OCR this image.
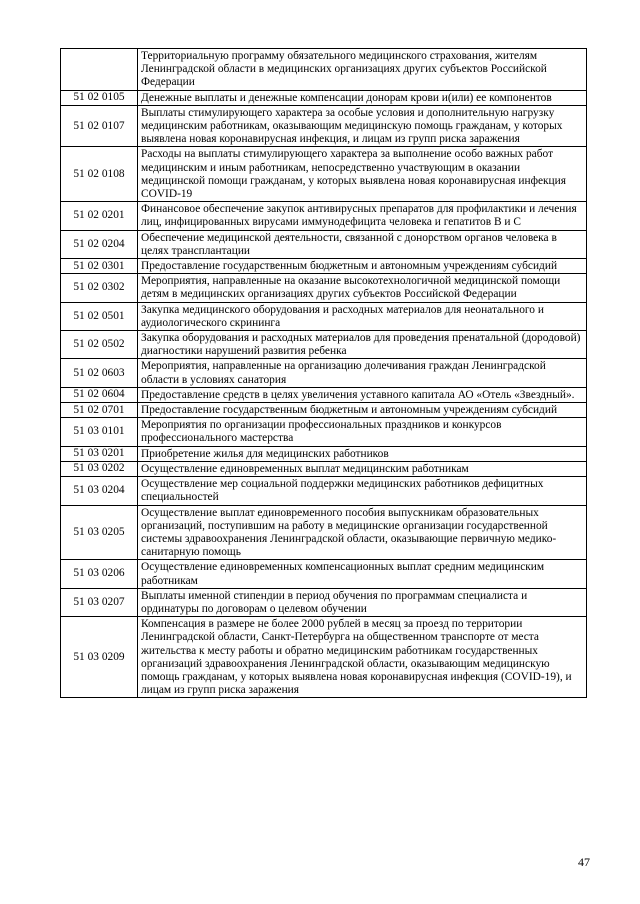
	Территориальную программу обязательного медицинского страхования, жителям Ленинградской области в медицинских организациях других субъектов Российской Федерации
51 02 0105	Денежные выплаты и денежные компенсации донорам крови и(или) ее компонентов
51 02 0107	Выплаты стимулирующего характера за особые условия и дополнительную нагрузку медицинским работникам, оказывающим медицинскую помощь гражданам, у которых выявлена новая коронавирусная инфекция, и лицам из групп риска заражения
51 02 0108	Расходы на выплаты стимулирующего характера за выполнение особо важных работ медицинским и иным работникам, непосредственно участвующим в оказании медицинской помощи гражданам, у которых выявлена новая коронавирусная инфекция COVID-19
51 02 0201	Финансовое обеспечение закупок антивирусных препаратов для профилактики и лечения лиц, инфицированных вирусами иммунодефицита человека и гепатитов В и С
51 02 0204	Обеспечение медицинской деятельности, связанной с донорством органов человека в целях трансплантации
51 02 0301	Предоставление государственным бюджетным и автономным учреждениям субсидий
51 02 0302	Мероприятия, направленные на оказание высокотехнологичной медицинской помощи детям в медицинских организациях других субъектов Российской Федерации
51 02 0501	Закупка медицинского оборудования и расходных материалов для неонатального и аудиологического скрининга
51 02 0502	Закупка оборудования и расходных материалов для проведения пренатальной (дородовой) диагностики нарушений развития ребенка
51 02 0603	Мероприятия, направленные на организацию долечивания граждан Ленинградской области в условиях санатория
51 02 0604	Предоставление средств в целях увеличения уставного капитала АО «Отель «Звездный».
51 02 0701	Предоставление государственным бюджетным и автономным учреждениям субсидий
51 03 0101	Мероприятия по организации профессиональных праздников и конкурсов профессионального мастерства
51 03 0201	Приобретение жилья для медицинских работников
51 03 0202	Осуществление единовременных выплат медицинским работникам
51 03 0204	Осуществление мер социальной поддержки медицинских работников дефицитных специальностей
51 03 0205	Осуществление выплат единовременного пособия выпускникам образовательных организаций, поступившим на работу в медицинские организации государственной системы здравоохранения Ленинградской области, оказывающие первичную медико-санитарную помощь
51 03 0206	Осуществление единовременных компенсационных выплат средним медицинским работникам
51 03 0207	Выплаты именной стипендии в период обучения по программам специалиста и ординатуры по договорам о целевом обучении
51 03 0209	Компенсация в размере не более 2000 рублей в месяц за проезд по территории Ленинградской области, Санкт-Петербурга на общественном транспорте от места жительства к месту работы и обратно медицинским работникам государственных организаций здравоохранения Ленинградской области, оказывающим медицинскую помощь гражданам, у которых выявлена новая коронавирусная инфекция (COVID-19), и лицам из групп риска заражения
47
